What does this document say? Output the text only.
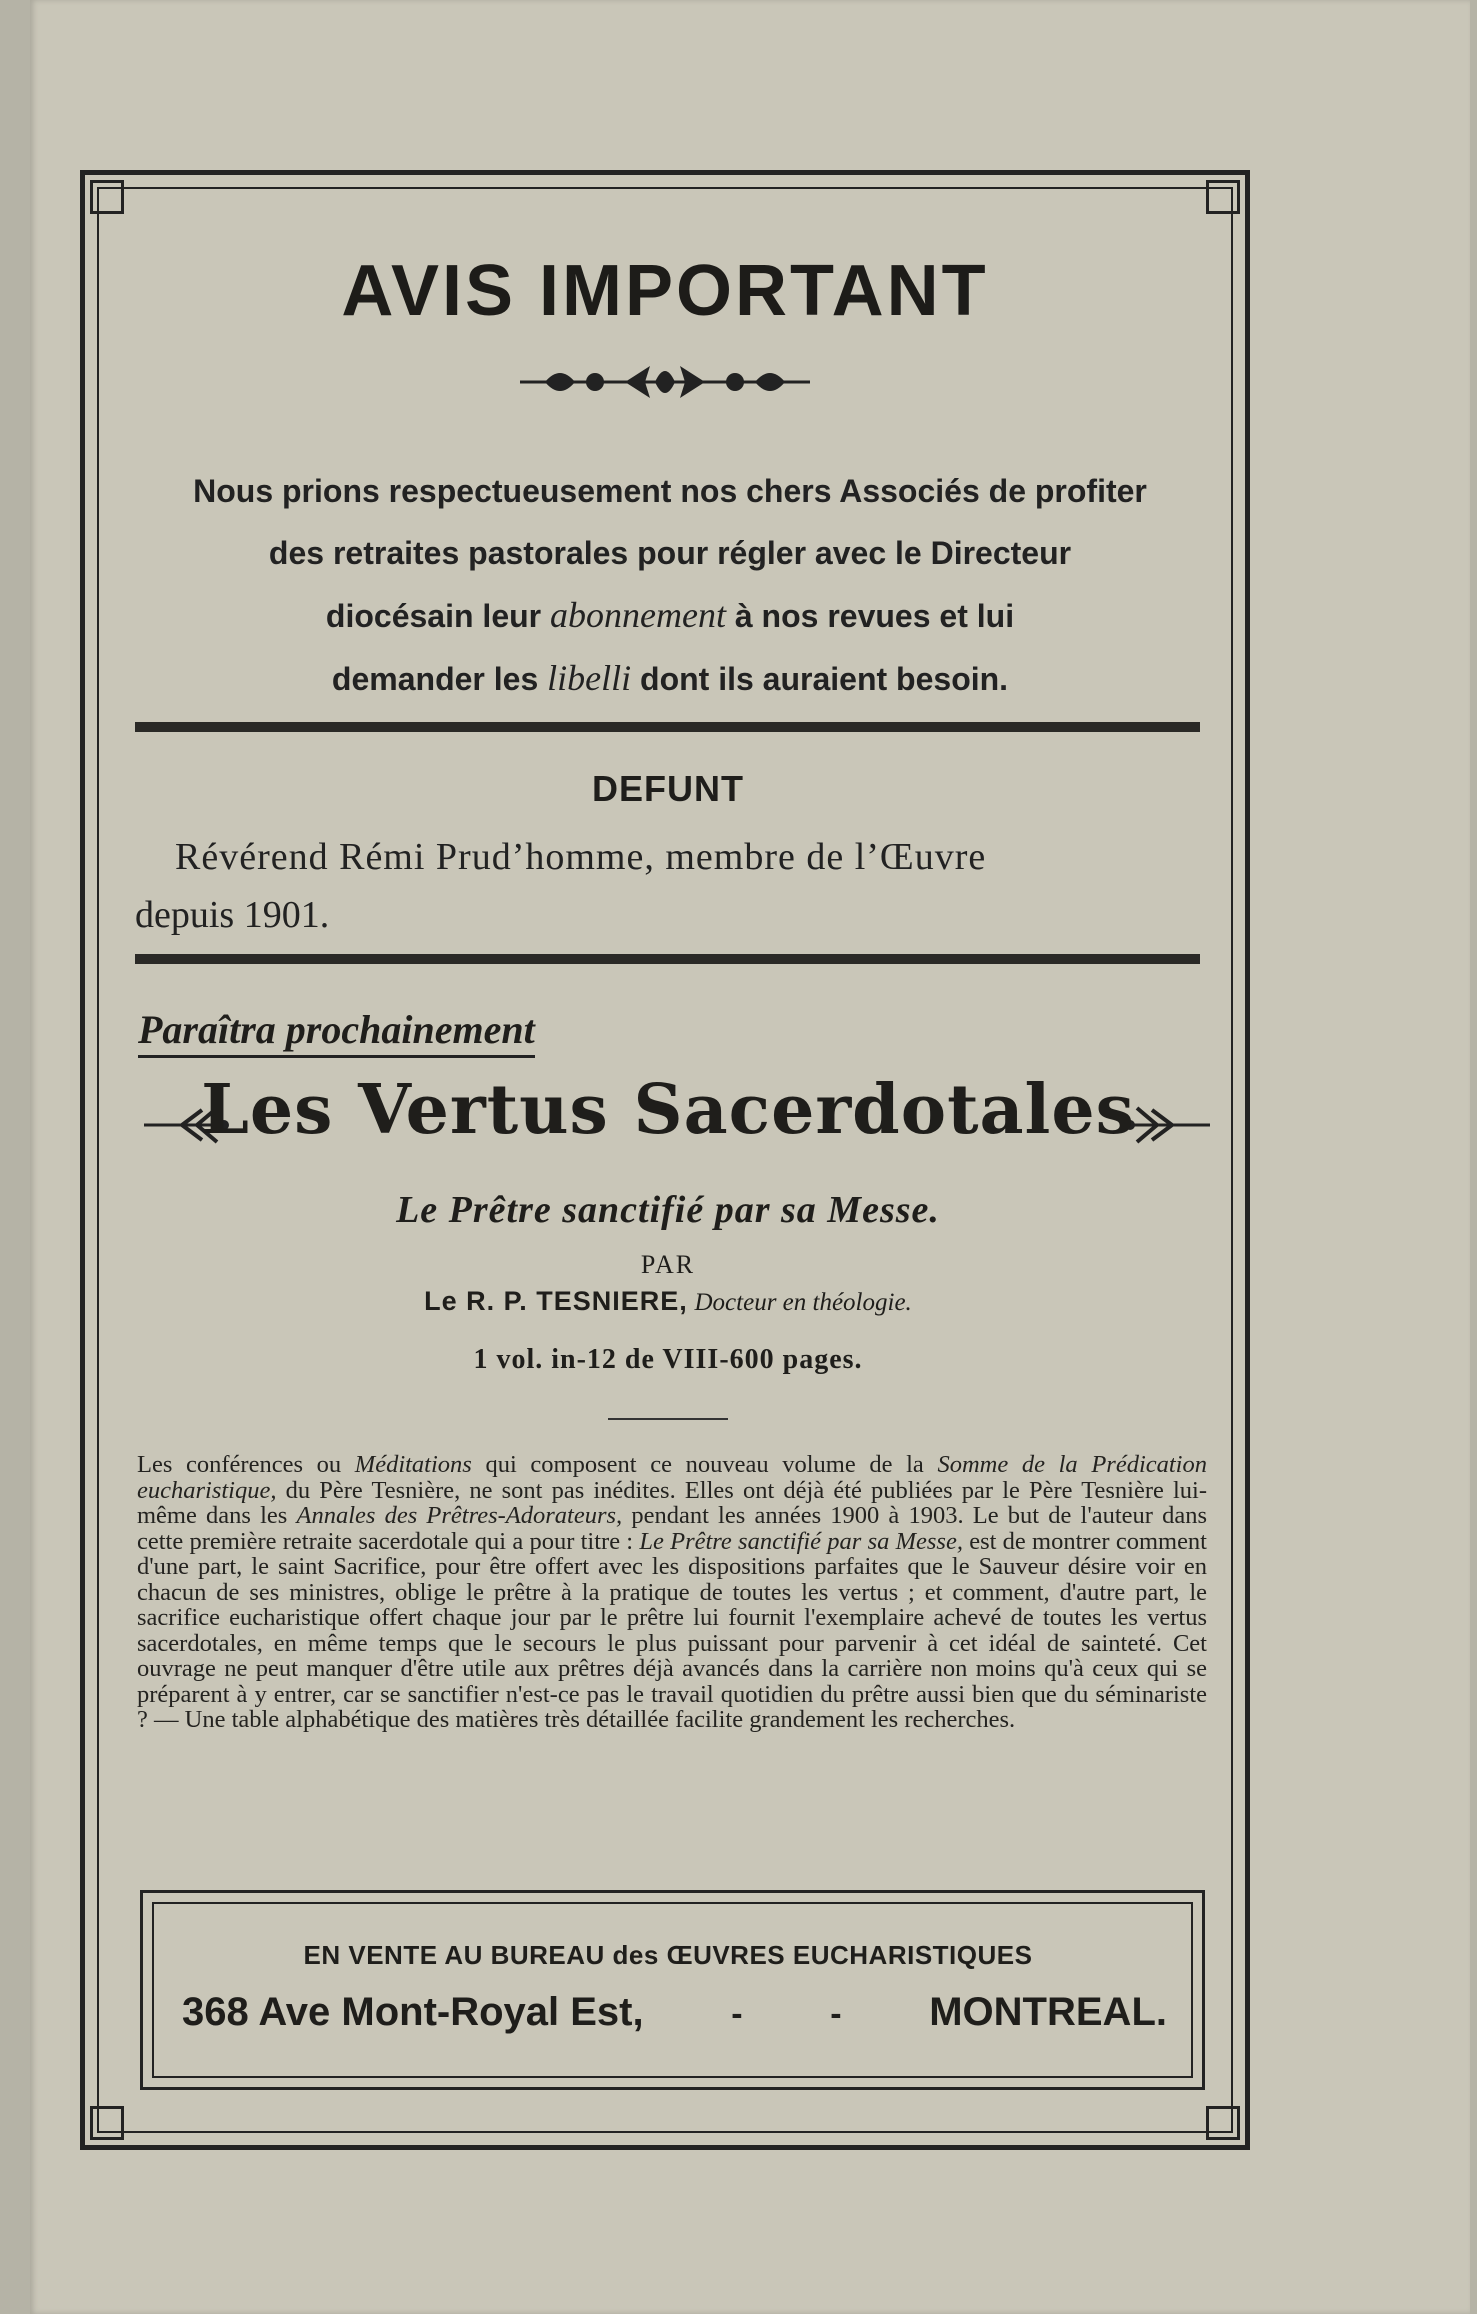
AVIS IMPORTANT
Nous prions respectueusement nos chers Associés de profiter
des retraites pastorales pour régler avec le Directeur
diocésain leur abonnement à nos revues et lui
demander les libelli dont ils auraient besoin.
DEFUNT
Révérend Rémi Prud’homme, membre de l’Œuvre
depuis 1901.
Paraîtra prochainement
Les Vertus Sacerdotales
Le Prêtre sanctifié par sa Messe.
PAR
Le R. P. TESNIERE, Docteur en théologie.
1 vol. in-12 de VIII-600 pages.
Les conférences ou Méditations qui composent ce nouveau volume de la Somme de la Prédication eucharistique, du Père Tesnière, ne sont pas inédites. Elles ont déjà été publiées par le Père Tesnière lui-même dans les Annales des Prêtres-Adorateurs, pendant les années 1900 à 1903. Le but de l'auteur dans cette première retraite sacerdotale qui a pour titre : Le Prêtre sanctifié par sa Messe, est de montrer comment d'une part, le saint Sacrifice, pour être offert avec les dispositions parfaites que le Sauveur désire voir en chacun de ses ministres, oblige le prêtre à la pratique de toutes les vertus ; et comment, d'autre part, le sacrifice eucharistique offert chaque jour par le prêtre lui fournit l'exemplaire achevé de toutes les vertus sacerdotales, en même temps que le secours le plus puissant pour parvenir à cet idéal de sainteté. Cet ouvrage ne peut manquer d'être utile aux prêtres déjà avancés dans la carrière non moins qu'à ceux qui se préparent à y entrer, car se sanctifier n'est-ce pas le travail quotidien du prêtre aussi bien que du séminariste ? — Une table alphabétique des matières très détaillée facilite grandement les recherches.
EN VENTE AU BUREAU des ŒUVRES EUCHARISTIQUES
368 Ave Mont-Royal Est,	-	- MONTREAL.
